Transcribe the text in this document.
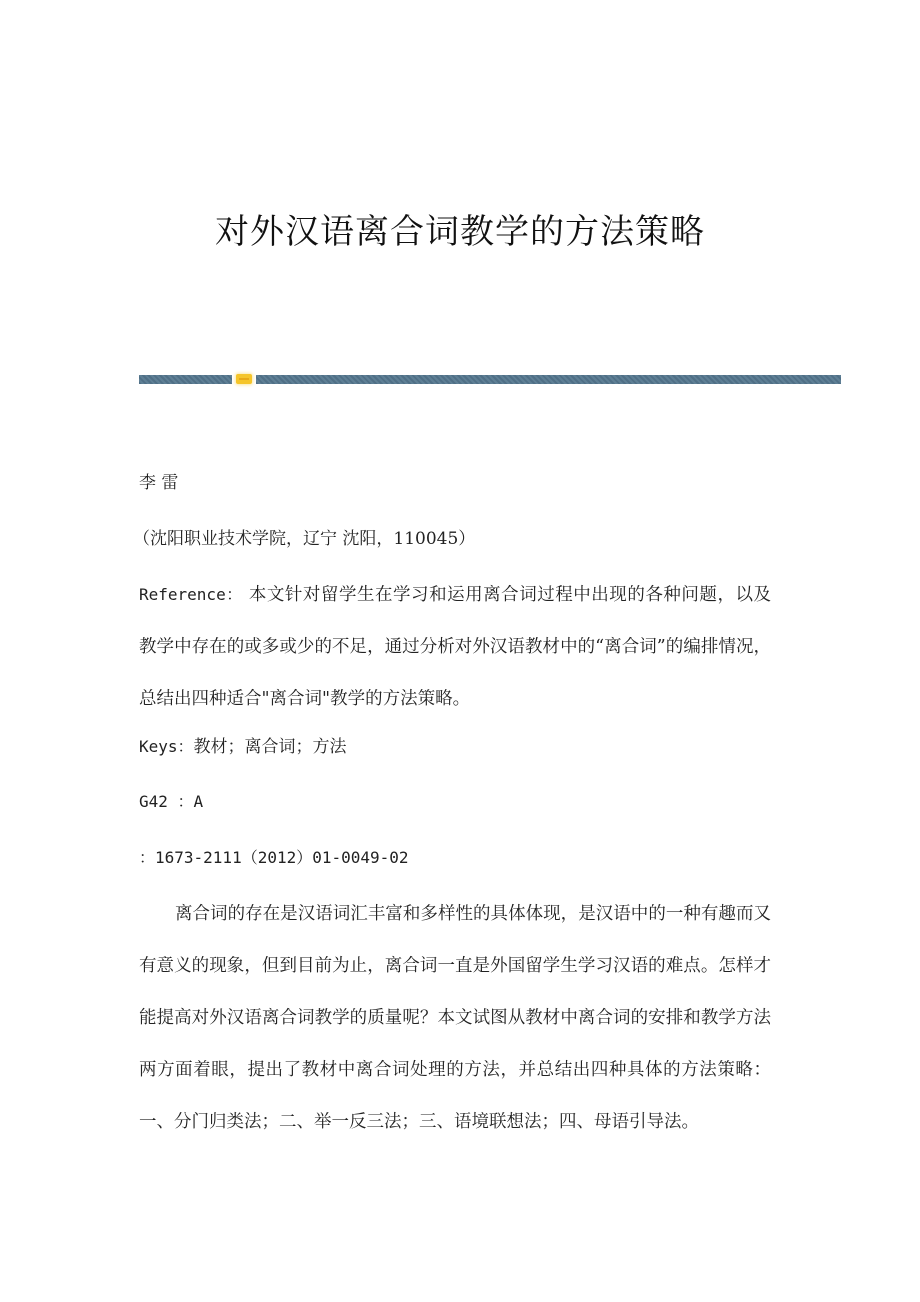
对外汉语离合词教学的方法策略
李 雷
（沈阳职业技术学院，辽宁 沈阳，110045）

Reference： 本文针对留学生在学习和运用离合词过程中出现的各种问题，以及教学中存在的或多或少的不足，通过分析对外汉语教材中的“离合词”的编排情况，总结出四种适合"离合词"教学的方法策略。

Keys：教材；离合词；方法
G42 ：A
：1673-2111（2012）01-0049-02

离合词的存在是汉语词汇丰富和多样性的具体体现，是汉语中的一种有趣而又有意义的现象，但到目前为止，离合词一直是外国留学生学习汉语的难点。怎样才能提高对外汉语离合词教学的质量呢？本文试图从教材中离合词的安排和教学方法两方面着眼，提出了教材中离合词处理的方法，并总结出四种具体的方法策略：一、分门归类法；二、举一反三法；三、语境联想法；四、母语引导法。
